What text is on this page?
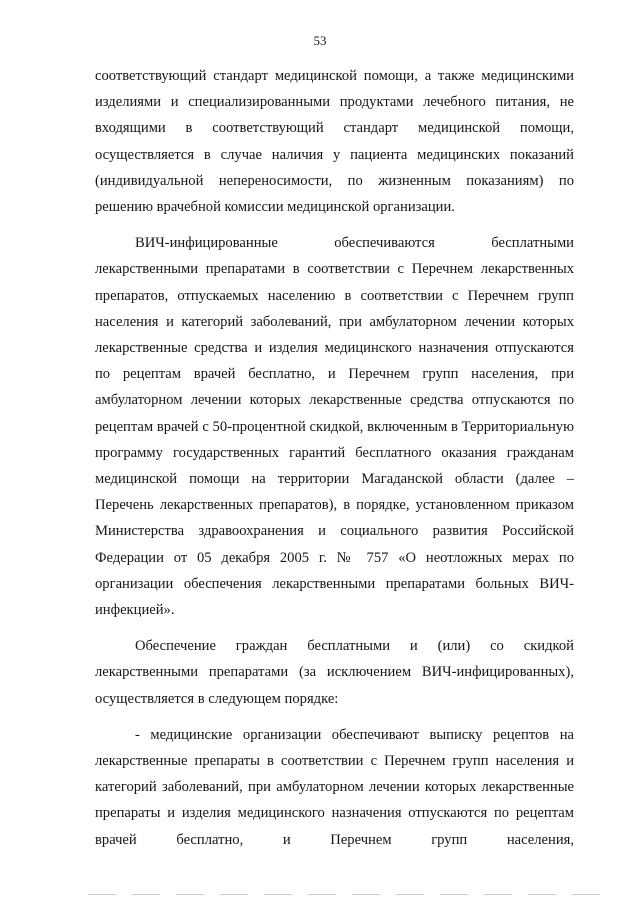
53

соответствующий стандарт медицинской помощи, а также медицинскими изделиями и специализированными продуктами лечебного питания, не входящими в соответствующий стандарт медицинской помощи, осуществляется в случае наличия у пациента медицинских показаний (индивидуальной непереносимости, по жизненным показаниям) по решению врачебной комиссии медицинской организации.

ВИЧ-инфицированные обеспечиваются бесплатными лекарственными препаратами в соответствии с Перечнем лекарственных препаратов, отпускаемых населению в соответствии с Перечнем групп населения и категорий заболеваний, при амбулаторном лечении которых лекарственные средства и изделия медицинского назначения отпускаются по рецептам врачей бесплатно, и Перечнем групп населения, при амбулаторном лечении которых лекарственные средства отпускаются по рецептам врачей с 50-процентной скидкой, включенным в Территориальную программу государственных гарантий бесплатного оказания гражданам медицинской помощи на территории Магаданской области (далее – Перечень лекарственных препаратов), в порядке, установленном приказом Министерства здравоохранения и социального развития Российской Федерации от 05 декабря 2005 г. № 757 «О неотложных мерах по организации обеспечения лекарственными препаратами больных ВИЧ-инфекцией».

Обеспечение граждан бесплатными и (или) со скидкой лекарственными препаратами (за исключением ВИЧ-инфицированных), осуществляется в следующем порядке:

- медицинские организации обеспечивают выписку рецептов на лекарственные препараты в соответствии с Перечнем групп населения и категорий заболеваний, при амбулаторном лечении которых лекарственные препараты и изделия медицинского назначения отпускаются по рецептам врачей бесплатно, и Перечнем групп населения,
